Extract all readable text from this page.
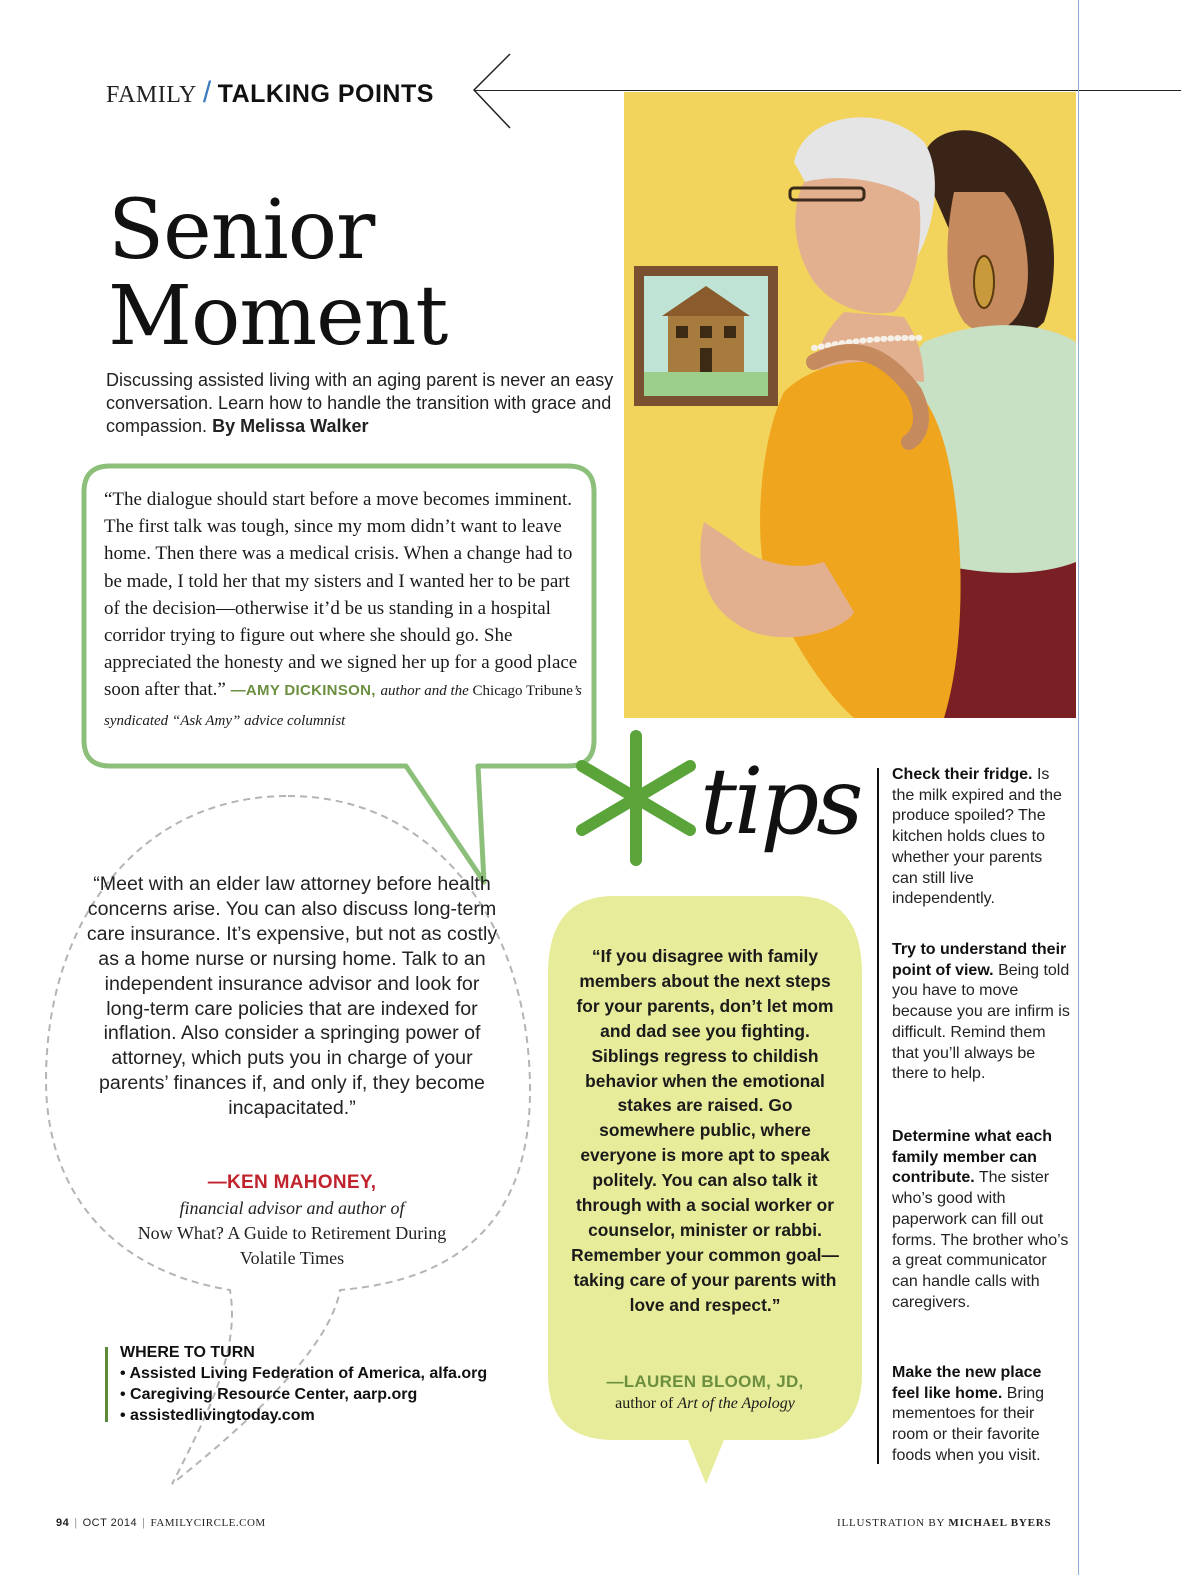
FAMILY / TALKING POINTS
Senior
Moment
Discussing assisted living with an aging parent is never an easy conversation. Learn how to handle the transition with grace and compassion. By Melissa Walker
“The dialogue should start before a move becomes imminent. The first talk was tough, since my mom didn’t want to leave home. Then there was a medical crisis. When a change had to be made, I told her that my sisters and I wanted her to be part of the decision—otherwise it’d be us standing in a hospital corridor trying to figure out where she should go. She appreciated the honesty and we signed her up for a good place soon after that.” —AMY DICKINSON, author and the Chicago Tribune’s syndicated “Ask Amy” advice columnist
“Meet with an elder law attorney before health concerns arise. You can also discuss long-term care insurance. It’s expensive, but not as costly as a home nurse or nursing home. Talk to an independent insurance advisor and look for long-term care policies that are indexed for inflation. Also consider a springing power of attorney, which puts you in charge of your parents’ finances if, and only if, they become incapacitated.”
—KEN MAHONEY,
financial advisor and author of
Now What? A Guide to Retirement During Volatile Times
WHERE TO TURN
• Assisted Living Federation of America, alfa.org
• Caregiving Resource Center, aarp.org
• assistedlivingtoday.com
tips
“If you disagree with family members about the next steps for your parents, don’t let mom and dad see you fighting. Siblings regress to childish behavior when the emotional stakes are raised. Go somewhere public, where everyone is more apt to speak politely. You can also talk it through with a social worker or counselor, minister or rabbi. Remember your common goal—taking care of your parents with love and respect.”
—LAUREN BLOOM, JD,
author of Art of the Apology
Check their fridge. Is the milk expired and the produce spoiled? The kitchen holds clues to whether your parents can still live independently.
Try to understand their point of view. Being told you have to move because you are infirm is difficult. Remind them that you’ll always be there to help.
Determine what each family member can contribute. The sister who’s good with paperwork can fill out forms. The brother who’s a great communicator can handle calls with caregivers.
Make the new place feel like home. Bring mementoes for their room or their favorite foods when you visit.
94 | OCT 2014 | FAMILYCIRCLE.COM	ILLUSTRATION BY MICHAEL BYERS
